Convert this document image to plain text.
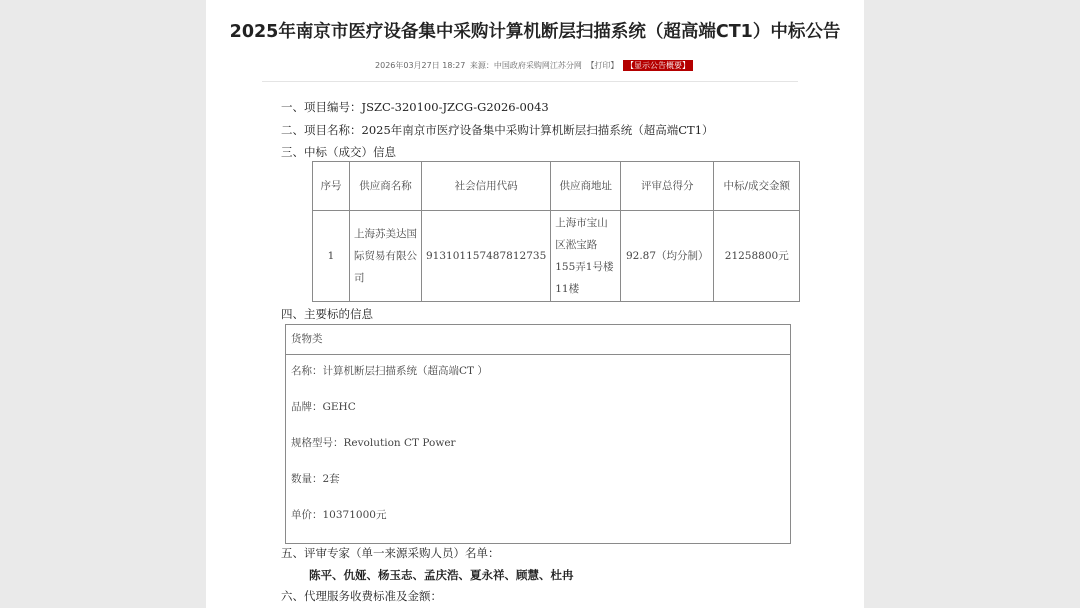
2025年南京市医疗设备集中采购计算机断层扫描系统（超高端CT1）中标公告
2026年03月27日 18:27 来源：中国政府采购网江苏分网 【打印】 【显示公告概要】
一、项目编号：JSZC-320100-JZCG-G2026-0043
二、项目名称：2025年南京市医疗设备集中采购计算机断层扫描系统（超高端CT1）
三、中标（成交）信息
序号	供应商名称	社会信用代码	供应商地址	评审总得分	中标/成交金额
1	上海苏美达国际贸易有限公司	913101157487812735	上海市宝山区淞宝路155弄1号楼11楼	92.87（均分制）	21258800元
四、主要标的信息
货物类
名称：计算机断层扫描系统（超高端CT ）
品牌：GEHC
规格型号：Revolution CT Power
数量：2套
单价：10371000元
五、评审专家（单一来源采购人员）名单：
陈平、仇娅、杨玉志、孟庆浩、夏永祥、顾慧、杜冉
六、代理服务收费标准及金额：
